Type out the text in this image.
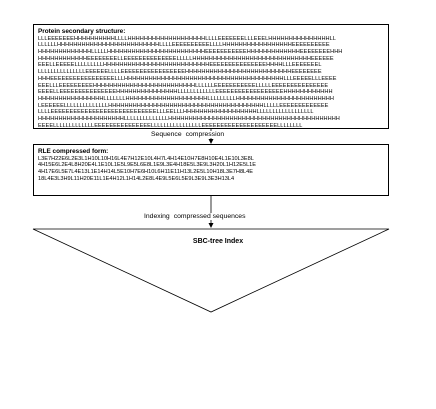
Protein secondary structure:
LLLEEEEEEEHHHHHHHHHHLLLLHHHHHHHHHHHHHHHHHHHLLLLEEEEEEELLLEEELHHHHHHHHHHHHHHHLL
LLLLLLHHHHHHHHHHHHHHHHHHHHHHHHHLLLLEEEEEEEEEELLLLHHHHHHHHHHHHHHHHHEEEEEEEEEE
HHHHHHHHHHHHHLLLLLHHHHHHHHHHHHHHHHHHHHHHHHEEEEEEEEEEEHHHHHHHHHHHHHEEEEEEEEHHH
HHHHHHHHHHHHEEEEEEEELLEEEEEEEEEEEEEELLLLLHHHHHHHHHHHHHHHHHHHHHHHHHHHHHEEEEEE
EEELLEEEEELLLLLLLLLHHHHHHHHHHHHHHHHHHHHHHHHHHEEEEEEEEEEEEEEEHHHHLLLEEEEEEEL
LLLLLLLLLLLLLLLEEEEEELLLLEEEEEEEEEEEEEEEEEHHHHHHHHHHHHHHHHHHHHHHHHHHEEEEEEEE
HHHEEEEEEEEEEEEEEEEELLLHHHHHHHHHHHHHHHHHHHHHHHHHHHHHHHHHHHHHHHLLLEEEEELLLEEEE
EEELLLEEEEEEEEEHHHHHHHHHHHHHHHHHHHHHHHHHLLLLLLEEEEEEEEEEELLLLLEEEEEEEEEEEEEEE
EEEELLEEEEEEEEEEEEEEEHHHHHHHHHHHHHHHLLLLLLLLLLLLEEEEEEEEEEEEEEEEEEHHHHHHHHHHHH
HHHHHHHHHHHHHHHHLLLLLLLHHHHHHHHHHHHHHHHHHHHLLLLLLLLLHHHHHHHHHHHHHHHHHHHHHHHH
LEEEEEELLLLLLLLLLLLLLHHHHHHHHHHHHHHHHHHHHHHHHHHHHHHHHHHHHHHLLLLLEEEEEEEEEEEEE
LLLLEEEEEEEEEEEEEEEEEEEEEEEEEEEELLLEELLLHHHHHHHHHHHHHHHHHHLLLLLLLLLLLLLLLLLL
HHHHHHHHHHHHHHHHHHHHHLLLLLLLLLLLLLLHHHHHHHHHHHHHHHHHHHHHHHHHHHHHHHHHHHHHHHHHH
EEEELLLLLLLLLLLLLEEEEEEEEEEEEEEELLLLLLLLLLLLLLLLEEEEEEEEEEEEEEEEEEEELLLLLLLL
RLE compressed form:
L3E7H22E6L2E3L1H10L10H16L4E7H12E10L4H7L4H14E10H7E8H10E4L1E10L3E8L
4H15E6L2E4L8H20E4L1E10L1E5L9E5L6E8L1E9L3E4H18E5L3E9L3H20L1H12E5L1E
4H17E6L5E7L4E13L1E14H14L5E10H7E6H10L6H11E11H13L2E5L10H18L3E7H8L4E
18L4E3L3H9L11H20E11L1E4H12L1H14L2E8L4E9L5E6L5E9L3E9L3E3H13L4
Sequence compression
Indexing compressed sequences
SBC-tree Index
